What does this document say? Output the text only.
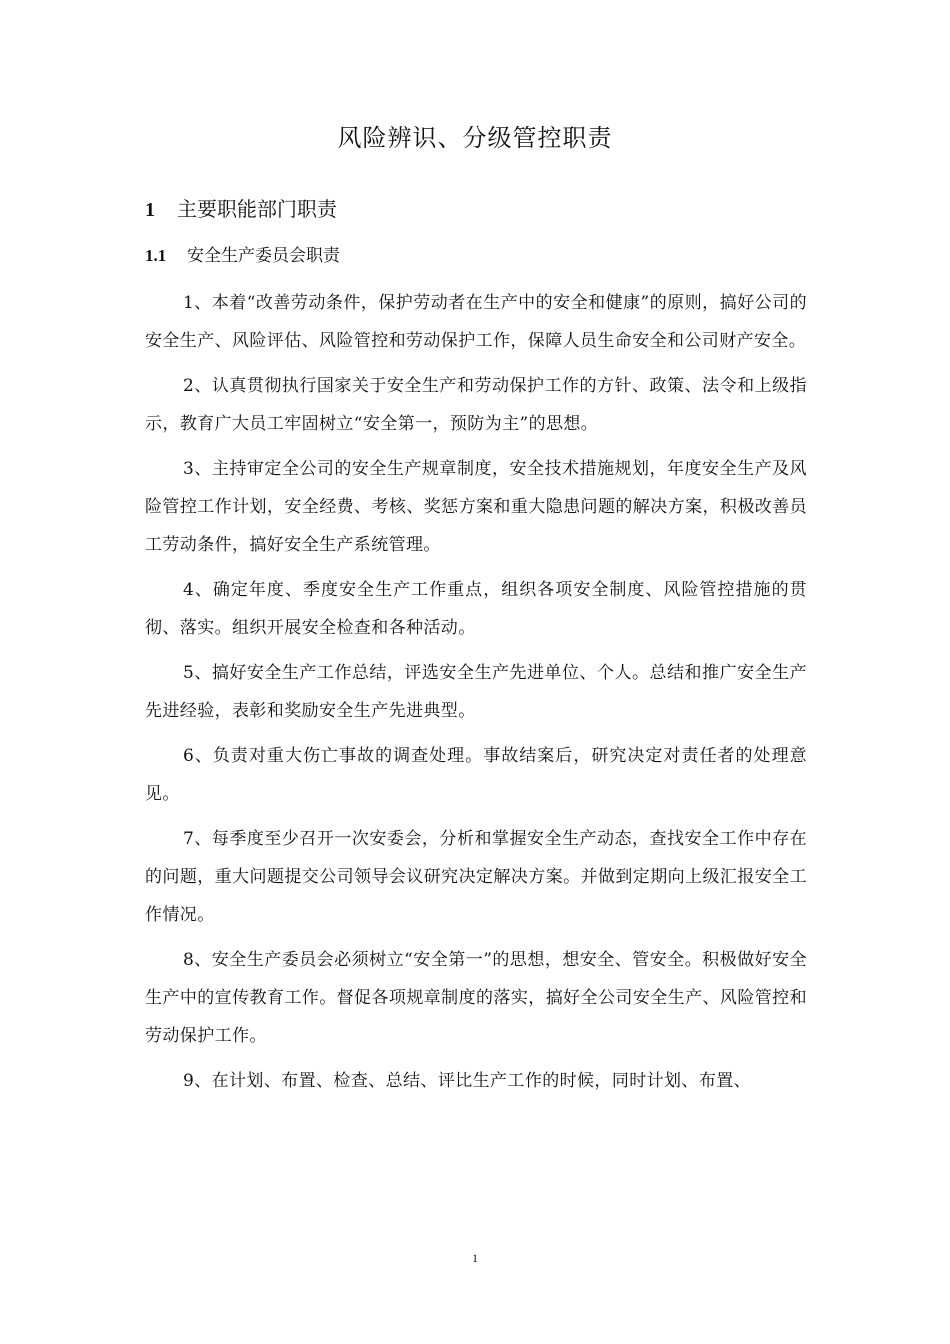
风险辨识、分级管控职责
1 主要职能部门职责
1.1 安全生产委员会职责

1、本着“改善劳动条件，保护劳动者在生产中的安全和健康”的原则，搞好公司的安全生产、风险评估、风险管控和劳动保护工作，保障人员生命安全和公司财产安全。

2、认真贯彻执行国家关于安全生产和劳动保护工作的方针、政策、法令和上级指示，教育广大员工牢固树立“安全第一，预防为主”的思想。

3、主持审定全公司的安全生产规章制度，安全技术措施规划，年度安全生产及风险管控工作计划，安全经费、考核、奖惩方案和重大隐患问题的解决方案，积极改善员工劳动条件，搞好安全生产系统管理。

4、确定年度、季度安全生产工作重点，组织各项安全制度、风险管控措施的贯彻、落实。组织开展安全检查和各种活动。

5、搞好安全生产工作总结，评选安全生产先进单位、个人。总结和推广安全生产先进经验，表彰和奖励安全生产先进典型。

6、负责对重大伤亡事故的调查处理。事故结案后，研究决定对责任者的处理意见。

7、每季度至少召开一次安委会，分析和掌握安全生产动态，查找安全工作中存在的问题，重大问题提交公司领导会议研究决定解决方案。并做到定期向上级汇报安全工作情况。

8、安全生产委员会必须树立“安全第一”的思想，想安全、管安全。积极做好安全生产中的宣传教育工作。督促各项规章制度的落实，搞好全公司安全生产、风险管控和劳动保护工作。

9、在计划、布置、检查、总结、评比生产工作的时候，同时计划、布置、

1
